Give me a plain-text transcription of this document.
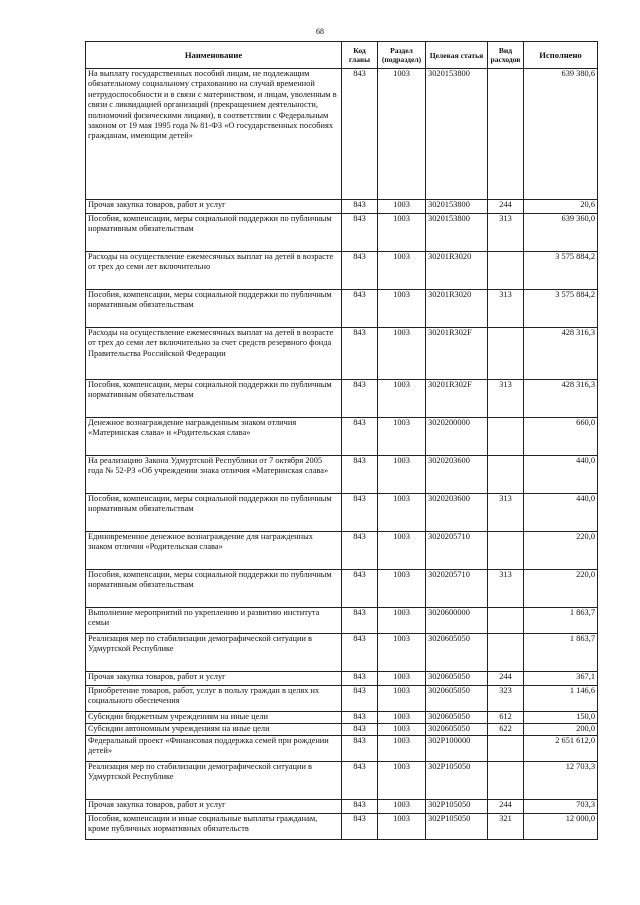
68
Наименование	Код главы	Раздел (подраздел)	Целевая статья	Вид расходов	Исполнено
На выплату государственных пособий лицам, не подлежащим обязательному социальному страхованию на случай временной нетрудоспособности и в связи с материнством, и лицам, уволенным в связи с ликвидацией организаций (прекращением деятельности, полномочий физическими лицами), в соответствии с Федеральным законом от 19 мая 1995 года № 81-ФЗ «О государственных пособиях гражданам, имеющим детей»	843	1003	3020153800		639 380,6
Прочая закупка товаров, работ и услуг	843	1003	3020153800	244	20,6
Пособия, компенсации, меры социальной поддержки по публичным нормативным обязательствам	843	1003	3020153800	313	639 360,0
Расходы на осуществление ежемесячных выплат на детей в возрасте от трех до семи лет включительно	843	1003	30201R3020		3 575 884,2
Пособия, компенсации, меры социальной поддержки по публичным нормативным обязательствам	843	1003	30201R3020	313	3 575 884,2
Расходы на осуществление ежемесячных выплат на детей в возрасте от трех до семи лет включительно за счет средств резервного фонда Правительства Российской Федерации	843	1003	30201R302F		428 316,3
Пособия, компенсации, меры социальной поддержки по публичным нормативным обязательствам	843	1003	30201R302F	313	428 316,3
Денежное вознаграждение награжденным знаком отличия «Материнская слава» и «Родительская слава»	843	1003	3020200000		660,0
На реализацию Закона Удмуртской Республики от 7 октября 2005 года № 52-РЗ «Об учреждении знака отличия «Материнская слава»	843	1003	3020203600		440,0
Пособия, компенсации, меры социальной поддержки по публичным нормативным обязательствам	843	1003	3020203600	313	440,0
Единовременное денежное вознаграждение для награжденных знаком отличия «Родительская слава»	843	1003	3020205710		220,0
Пособия, компенсации, меры социальной поддержки по публичным нормативным обязательствам	843	1003	3020205710	313	220,0
Выполнение мероприятий по укреплению и развитию института семьи	843	1003	3020600000		1 863,7
Реализация мер по стабилизации демографической ситуации в Удмуртской Республике	843	1003	3020605050		1 863,7
Прочая закупка товаров, работ и услуг	843	1003	3020605050	244	367,1
Приобретение товаров, работ, услуг в пользу граждан в целях их социального обеспечения	843	1003	3020605050	323	1 146,6
Субсидии бюджетным учреждениям на иные цели	843	1003	3020605050	612	150,0
Субсидии автономным учреждениям на иные цели	843	1003	3020605050	622	200,0
Федеральный проект «Финансовая поддержка семей при рождении детей»	843	1003	302P100000		2 651 612,0
Реализация мер по стабилизации демографической ситуации в Удмуртской Республике	843	1003	302P105050		12 703,3
Прочая закупка товаров, работ и услуг	843	1003	302P105050	244	703,3
Пособия, компенсации и иные социальные выплаты гражданам, кроме публичных нормативных обязательств	843	1003	302P105050	321	12 000,0
